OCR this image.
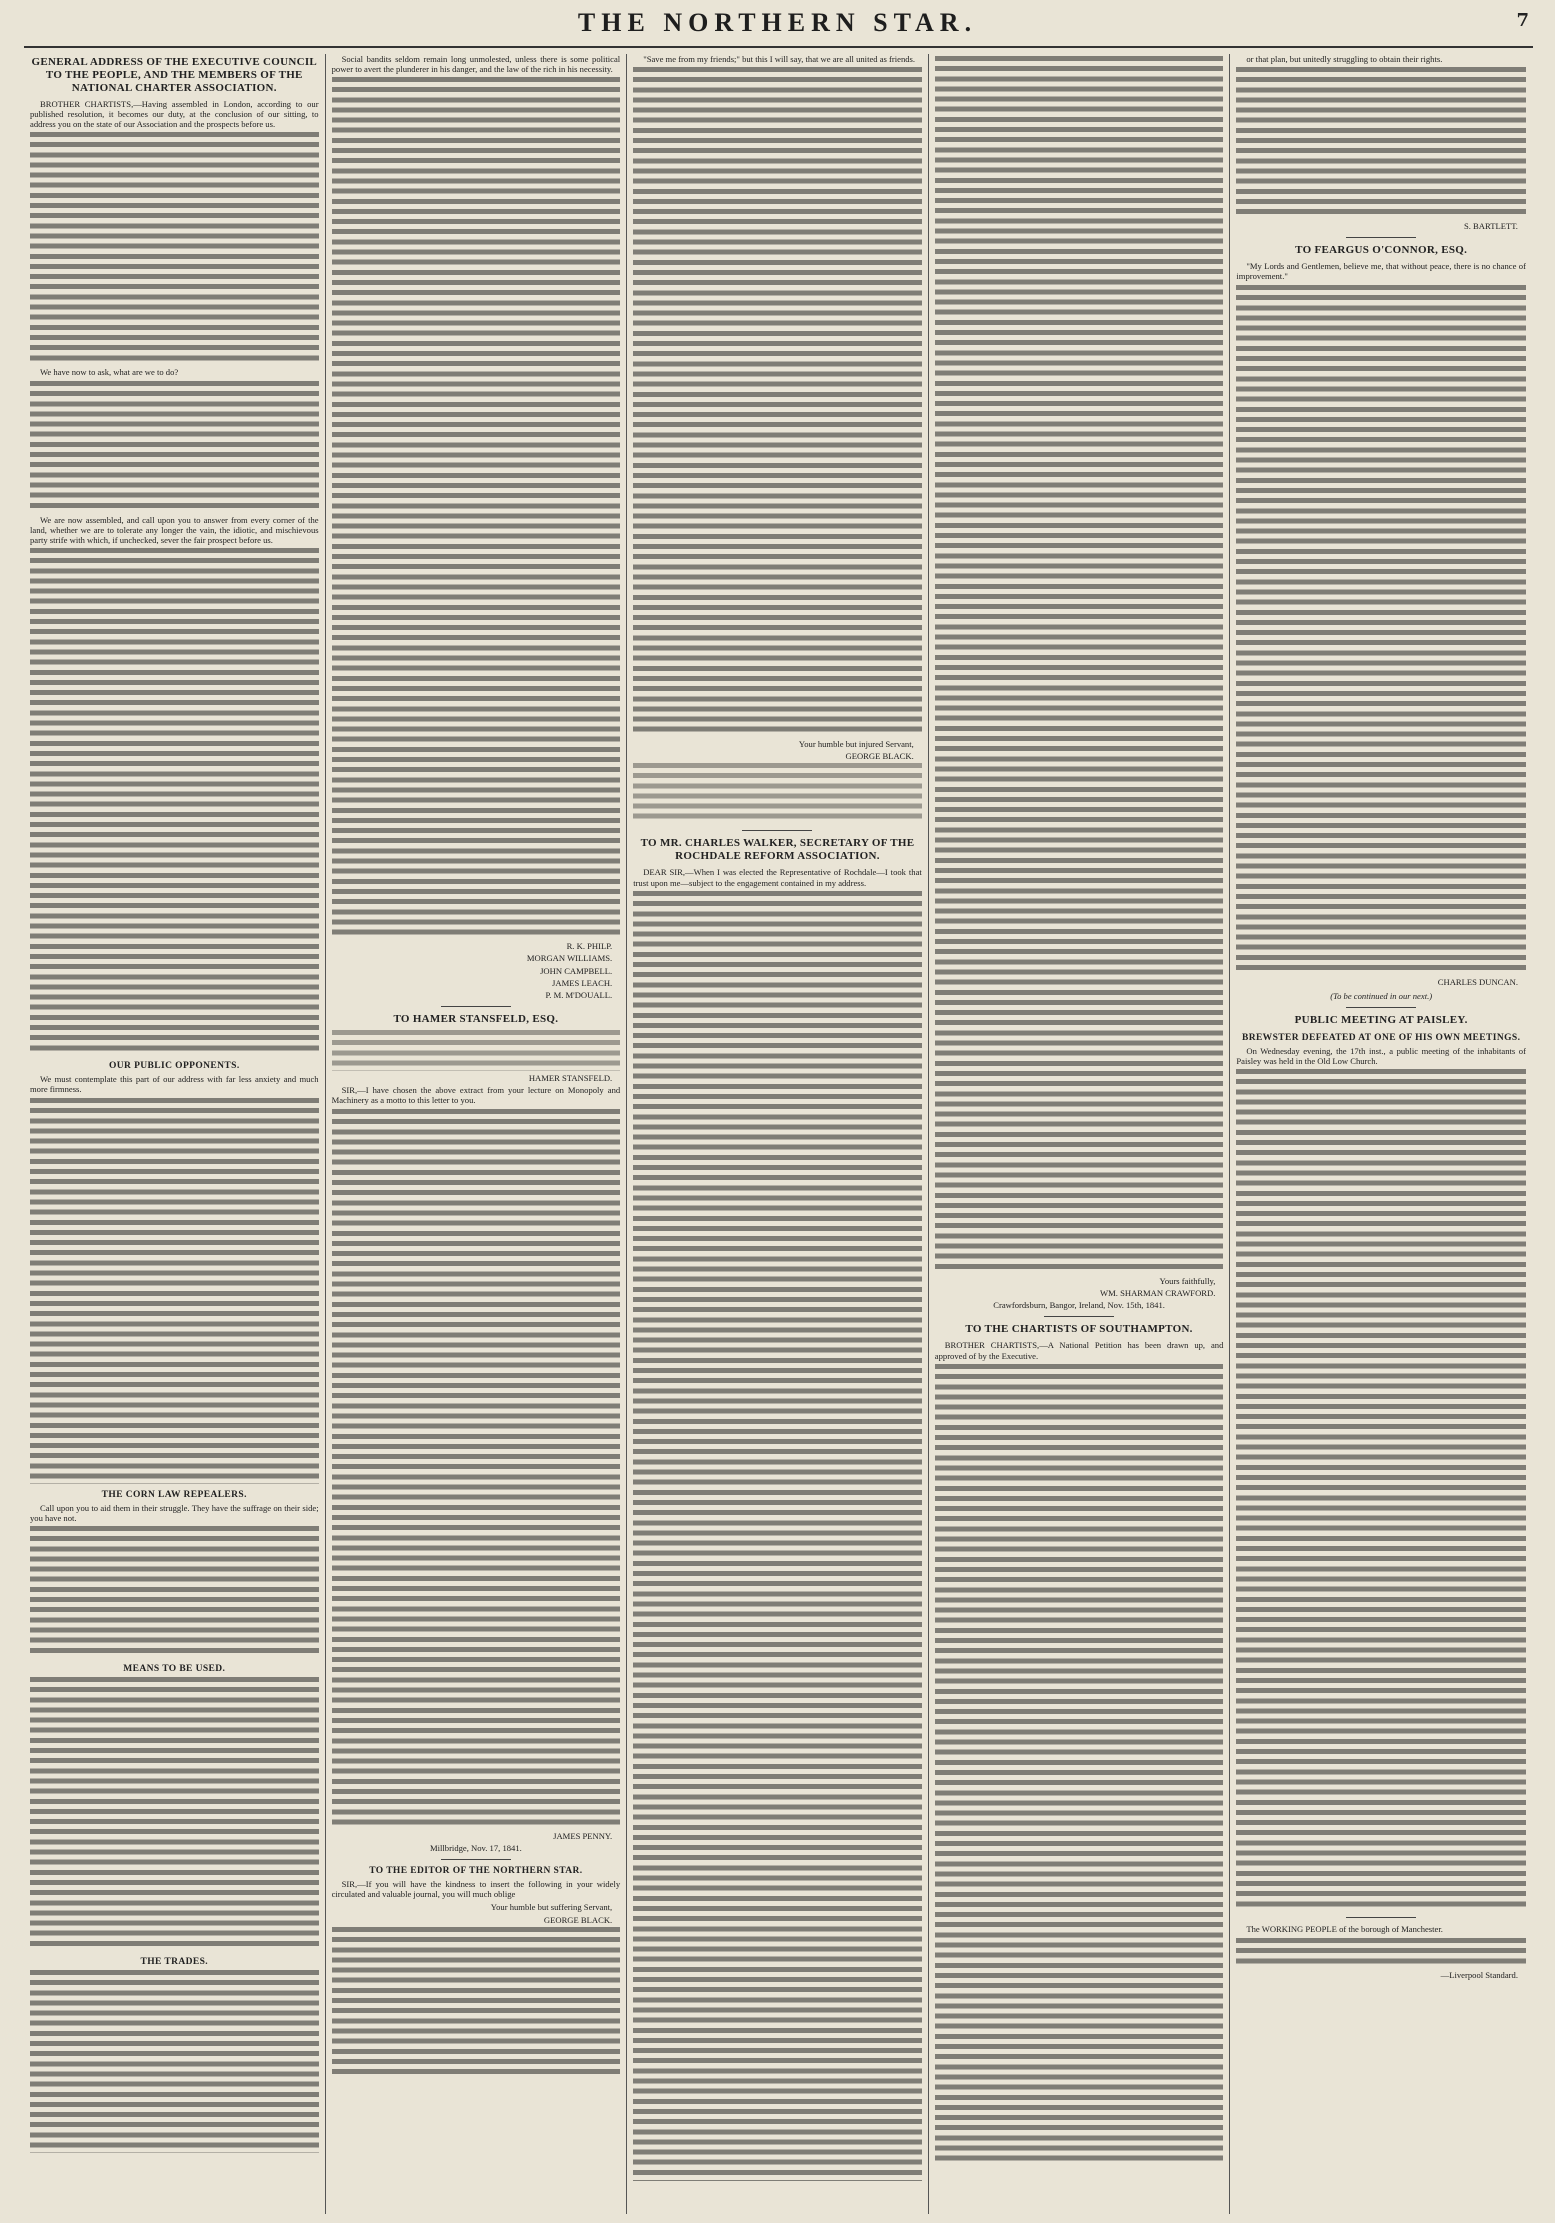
THE NORTHERN STAR.	7
GENERAL ADDRESS OF THE EXECUTIVE COUNCIL TO THE PEOPLE, AND THE MEMBERS OF THE NATIONAL CHARTER ASSOCIATION.

BROTHER CHARTISTS,—Having assembled in London, according to our published resolution, it becomes our duty, at the conclusion of our sitting, to address you on the state of our Association and the prospects before us.

We have now to ask, what are we to do?

We are now assembled, and call upon you to answer from every corner of the land, whether we are to tolerate any longer the vain, the idiotic, and mischievous party strife with which, if unchecked, sever the fair prospect before us.

OUR PUBLIC OPPONENTS.

We must contemplate this part of our address with far less anxiety and much more firmness.

THE CORN LAW REPEALERS.

Call upon you to aid them in their struggle. They have the suffrage on their side; you have not.

MEANS TO BE USED.
THE TRADES.

Social bandits seldom remain long unmolested, unless there is some political power to avert the plunderer in his danger, and the law of the rich in his necessity.

R. K. PHILP.
MORGAN WILLIAMS.
JOHN CAMPBELL.
JAMES LEACH.
P. M. M'DOUALL.
TO HAMER STANSFELD, ESQ.
HAMER STANSFELD.

SIR,—I have chosen the above extract from your lecture on Monopoly and Machinery as a motto to this letter to you.

JAMES PENNY.
Millbridge, Nov. 17, 1841.
TO THE EDITOR OF THE NORTHERN STAR.

SIR,—If you will have the kindness to insert the following in your widely circulated and valuable journal, you will much oblige

Your humble but suffering Servant,
GEORGE BLACK.

"Save me from my friends;" but this I will say, that we are all united as friends.

Your humble but injured Servant,
GEORGE BLACK.
TO MR. CHARLES WALKER, SECRETARY OF THE ROCHDALE REFORM ASSOCIATION.

DEAR SIR,—When I was elected the Representative of Rochdale—I took that trust upon me—subject to the engagement contained in my address.

Yours faithfully,
WM. SHARMAN CRAWFORD.
Crawfordsburn, Bangor, Ireland, Nov. 15th, 1841.
TO THE CHARTISTS OF SOUTHAMPTON.

BROTHER CHARTISTS,—A National Petition has been drawn up, and approved of by the Executive.

or that plan, but unitedly struggling to obtain their rights.

S. BARTLETT.
TO FEARGUS O'CONNOR, ESQ.

"My Lords and Gentlemen, believe me, that without peace, there is no chance of improvement."

CHARLES DUNCAN.
(To be continued in our next.)
PUBLIC MEETING AT PAISLEY.
BREWSTER DEFEATED AT ONE OF HIS OWN MEETINGS.

On Wednesday evening, the 17th inst., a public meeting of the inhabitants of Paisley was held in the Old Low Church.

The WORKING PEOPLE of the borough of Manchester.

—Liverpool Standard.
